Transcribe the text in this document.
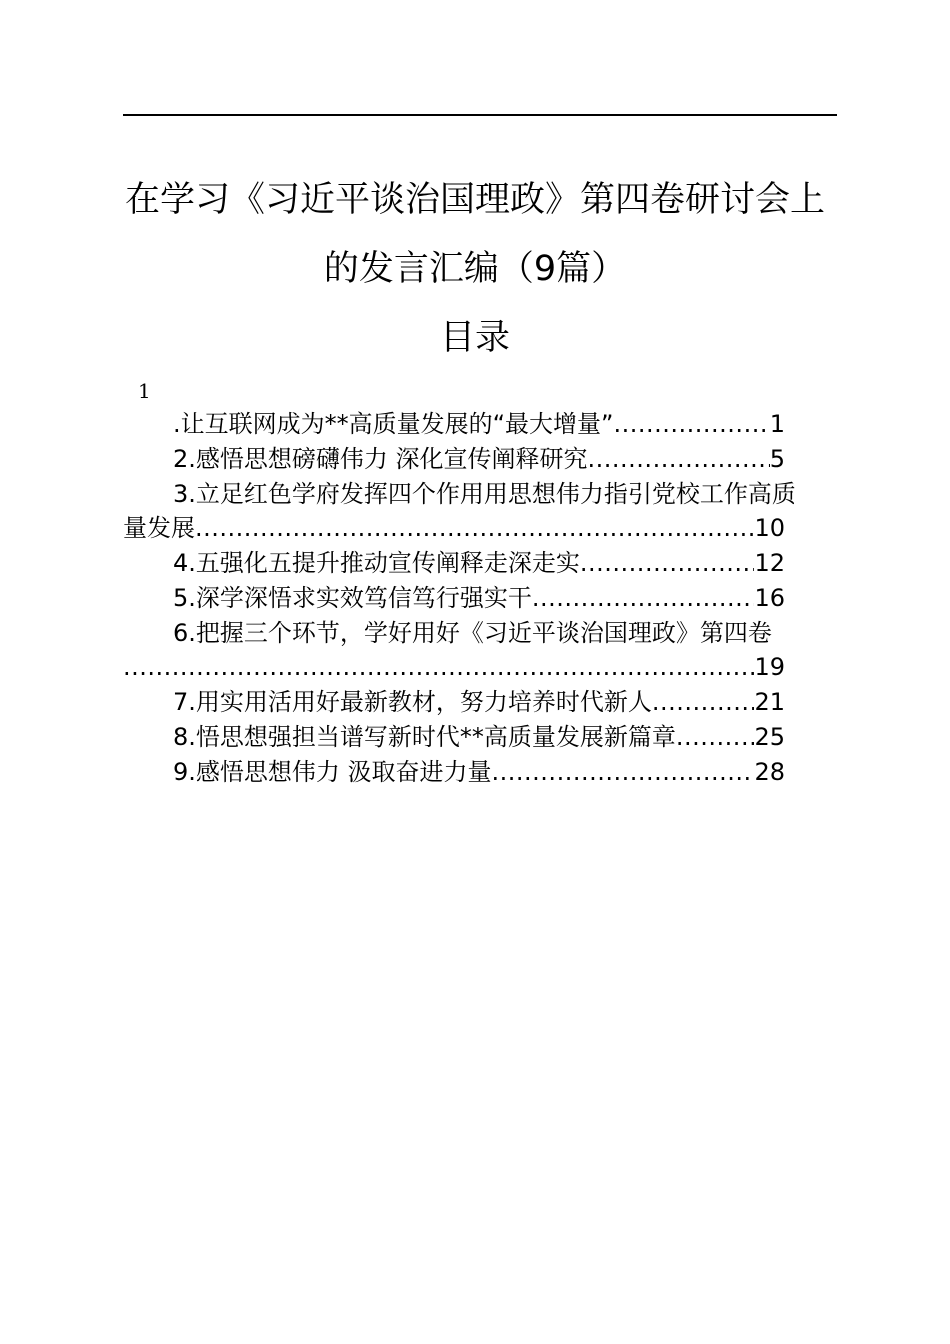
在学习《习近平谈治国理政》第四卷研讨会上
的发言汇编（9篇）
目录
1
.让互联网成为**高质量发展的“最大增量” .....	1
2.感悟思想磅礴伟力 深化宣传阐释研究 .....	5
3.立足红色学府发挥四个作用用思想伟力指引党校工作高质
量发展 .....	10
4.五强化五提升推动宣传阐释走深走实 .....	12
5.深学深悟求实效笃信笃行强实干 .....	16
6.把握三个环节，学好用好《习近平谈治国理政》第四卷
.....
19
7.用实用活用好最新教材，努力培养时代新人 .....	21
8.悟思想强担当谱写新时代**高质量发展新篇章 .....	25
9.感悟思想伟力 汲取奋进力量 .....	28
